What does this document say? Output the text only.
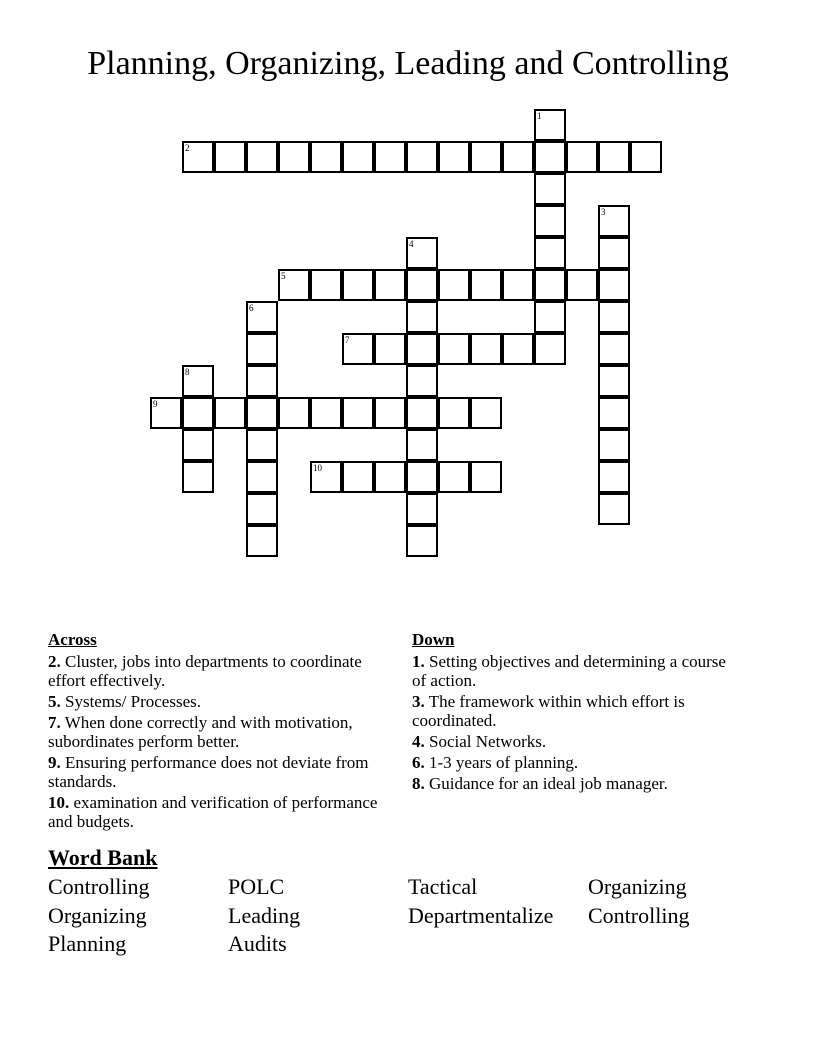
Planning, Organizing, Leading and Controlling
1
2
3
4
5
6
7
8
9
10
Across
2. Cluster, jobs into departments to coordinate effort effectively.
5. Systems/ Processes.
7. When done correctly and with motivation, subordinates perform better.
9. Ensuring performance does not deviate from standards.
10. examination and verification of performance and budgets.
Down
1. Setting objectives and determining a course of action.
3. The framework within which effort is coordinated.
4. Social Networks.
6. 1-3 years of planning.
8. Guidance for an ideal job manager.
Word Bank
Controlling	POLC	Tactical	Organizing
Organizing	Leading	Departmentalize Controlling
Planning	Audits
